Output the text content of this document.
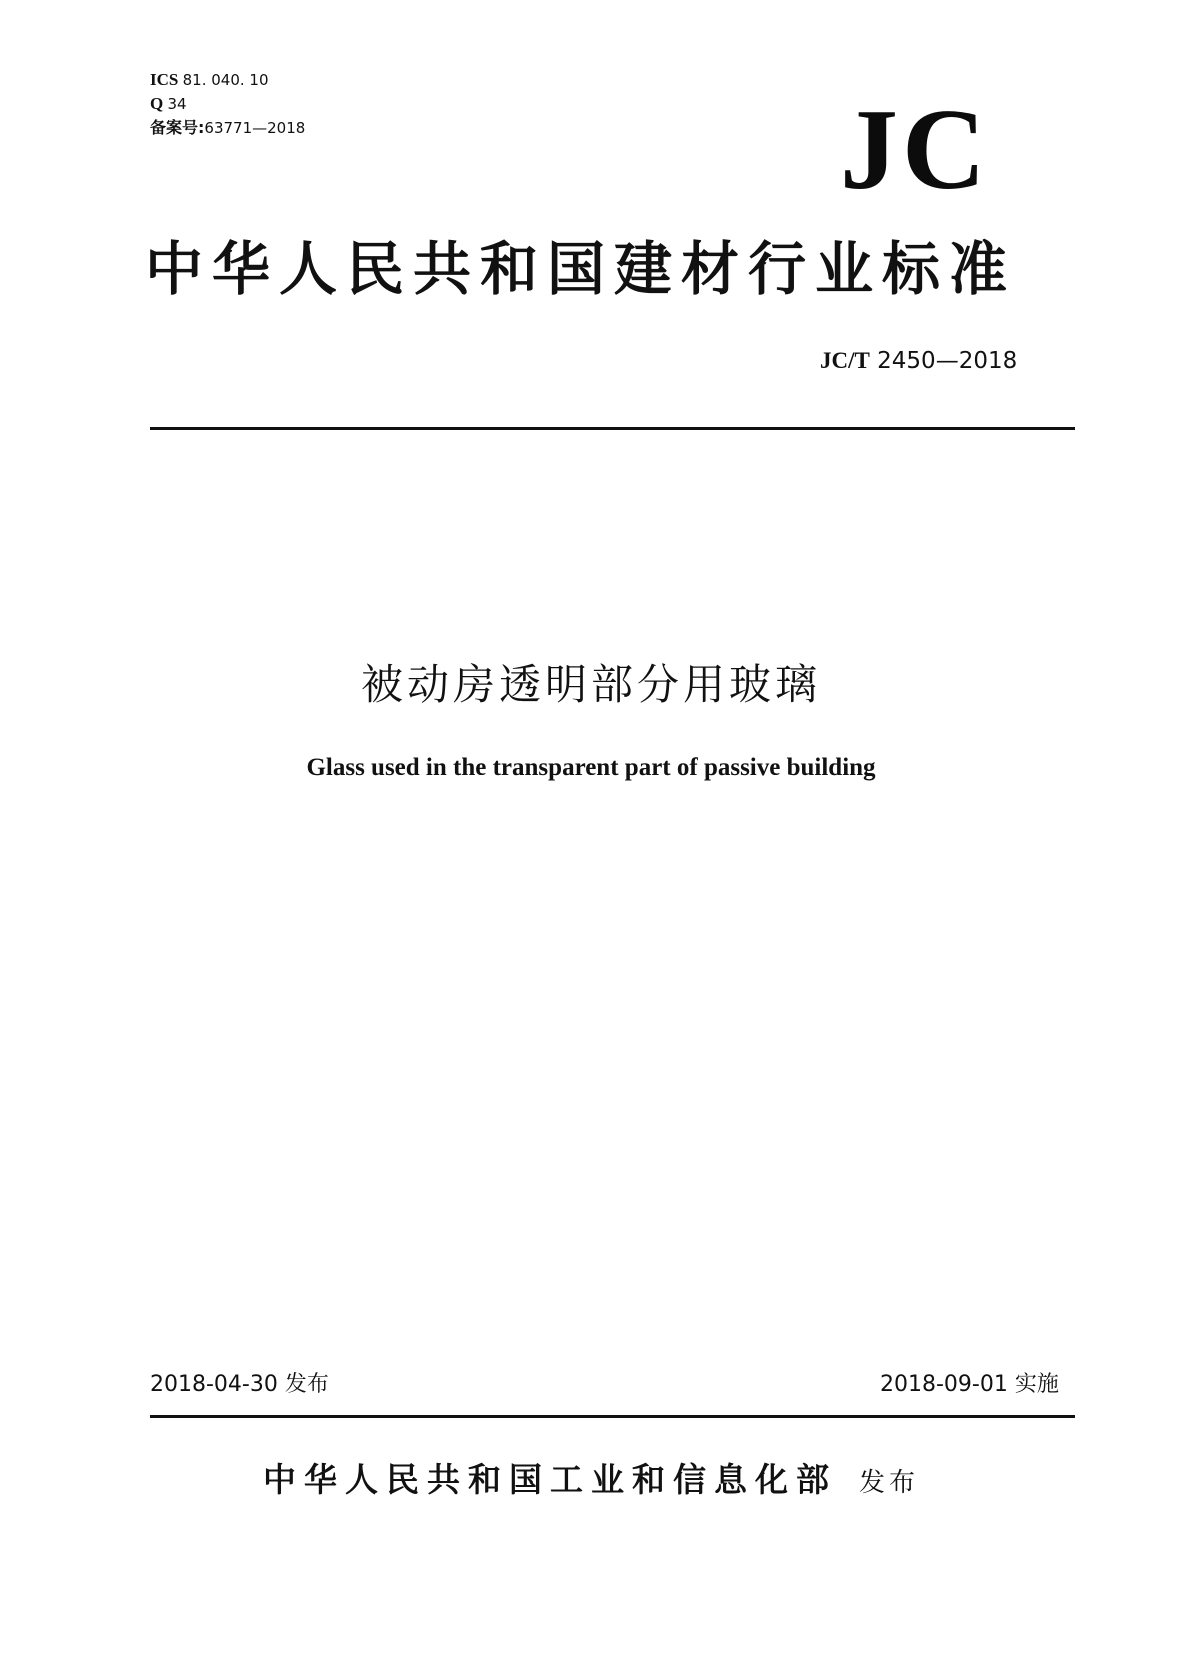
ICS 81. 040. 10
Q 34
备案号:63771—2018	JC
中华人民共和国建材行业标准
JC/T 2450—2018
被动房透明部分用玻璃
Glass used in the transparent part of passive building
2018-04-30 发布	2018-09-01 实施
中华人民共和国工业和信息化部 发布
